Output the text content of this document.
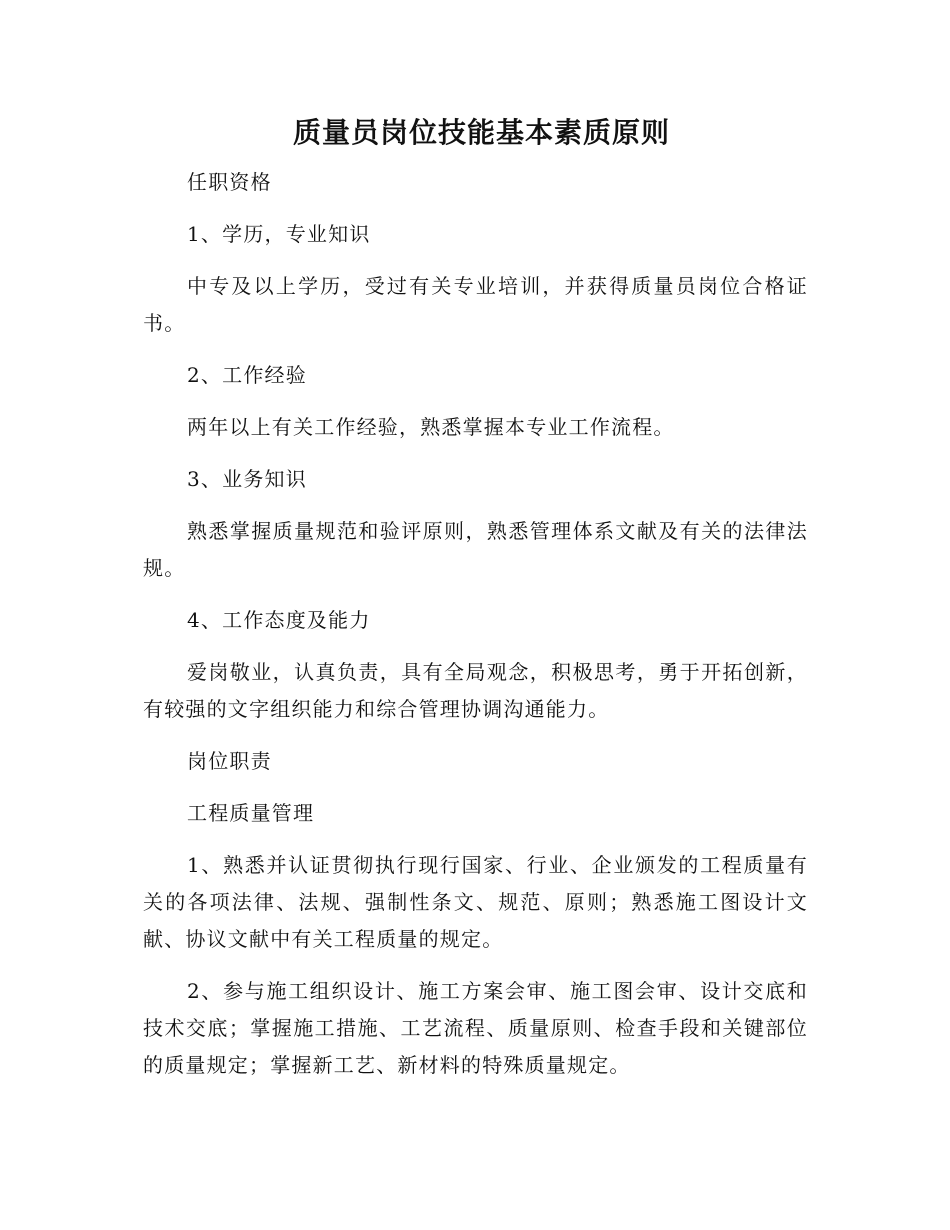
质量员岗位技能基本素质原则

任职资格

1、学历，专业知识

中专及以上学历，受过有关专业培训，并获得质量员岗位合格证书。

2、工作经验

两年以上有关工作经验，熟悉掌握本专业工作流程。

3、业务知识

熟悉掌握质量规范和验评原则，熟悉管理体系文献及有关的法律法规。

4、工作态度及能力

爱岗敬业，认真负责，具有全局观念，积极思考，勇于开拓创新，有较强的文字组织能力和综合管理协调沟通能力。

岗位职责

工程质量管理

1、熟悉并认证贯彻执行现行国家、行业、企业颁发的工程质量有关的各项法律、法规、强制性条文、规范、原则；熟悉施工图设计文献、协议文献中有关工程质量的规定。

2、参与施工组织设计、施工方案会审、施工图会审、设计交底和技术交底；掌握施工措施、工艺流程、质量原则、检查手段和关键部位的质量规定；掌握新工艺、新材料的特殊质量规定。
